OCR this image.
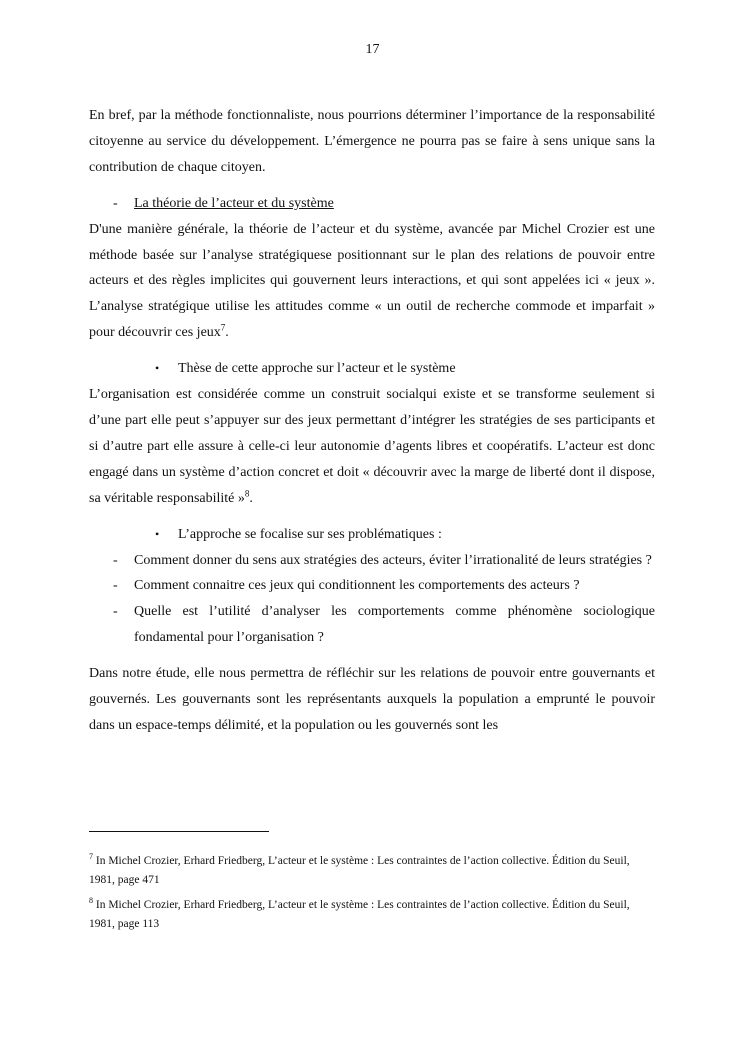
17

En bref, par la méthode fonctionnaliste, nous pourrions déterminer l’importance de la responsabilité citoyenne au service du développement. L’émergence ne pourra pas se faire à sens unique sans la contribution de chaque citoyen.

-	La théorie de l’acteur et du système

D'une manière générale, la théorie de l’acteur et du système, avancée par Michel Crozier est une méthode basée sur l’analyse stratégiquese positionnant sur le plan des relations de pouvoir entre acteurs et des règles implicites qui gouvernent leurs interactions, et qui sont appelées ici « jeux ». L’analyse stratégique utilise les attitudes comme « un outil de recherche commode et imparfait » pour découvrir ces jeux$^7$.

•	Thèse de cette approche sur l’acteur et le système

L’organisation est considérée comme un construit socialqui existe et se transforme seulement si d’une part elle peut s’appuyer sur des jeux permettant d’intégrer les stratégies de ses participants et si d’autre part elle assure à celle-ci leur autonomie d’agents libres et coopératifs. L’acteur est donc engagé dans un système d’action concret et doit « découvrir avec la marge de liberté dont il dispose, sa véritable responsabilité »$^8$.

•	L’approche se focalise sur ses problématiques :
-	Comment donner du sens aux stratégies des acteurs, éviter l’irrationalité de leurs stratégies ?
-	Comment connaitre ces jeux qui conditionnent les comportements des acteurs ?
-	Quelle est l’utilité d’analyser les comportements comme phénomène sociologique fondamental pour l’organisation ?

Dans notre étude, elle nous permettra de réfléchir sur les relations de pouvoir entre gouvernants et gouvernés. Les gouvernants sont les représentants auxquels la population a emprunté le pouvoir dans un espace-temps délimité, et la population ou les gouvernés sont les

$^7$ In Michel Crozier, Erhard Friedberg, L’acteur et le système : Les contraintes de l’action collective. Édition du Seuil, 1981, page 471

$^8$ In Michel Crozier, Erhard Friedberg, L’acteur et le système : Les contraintes de l’action collective. Édition du Seuil, 1981, page 113
